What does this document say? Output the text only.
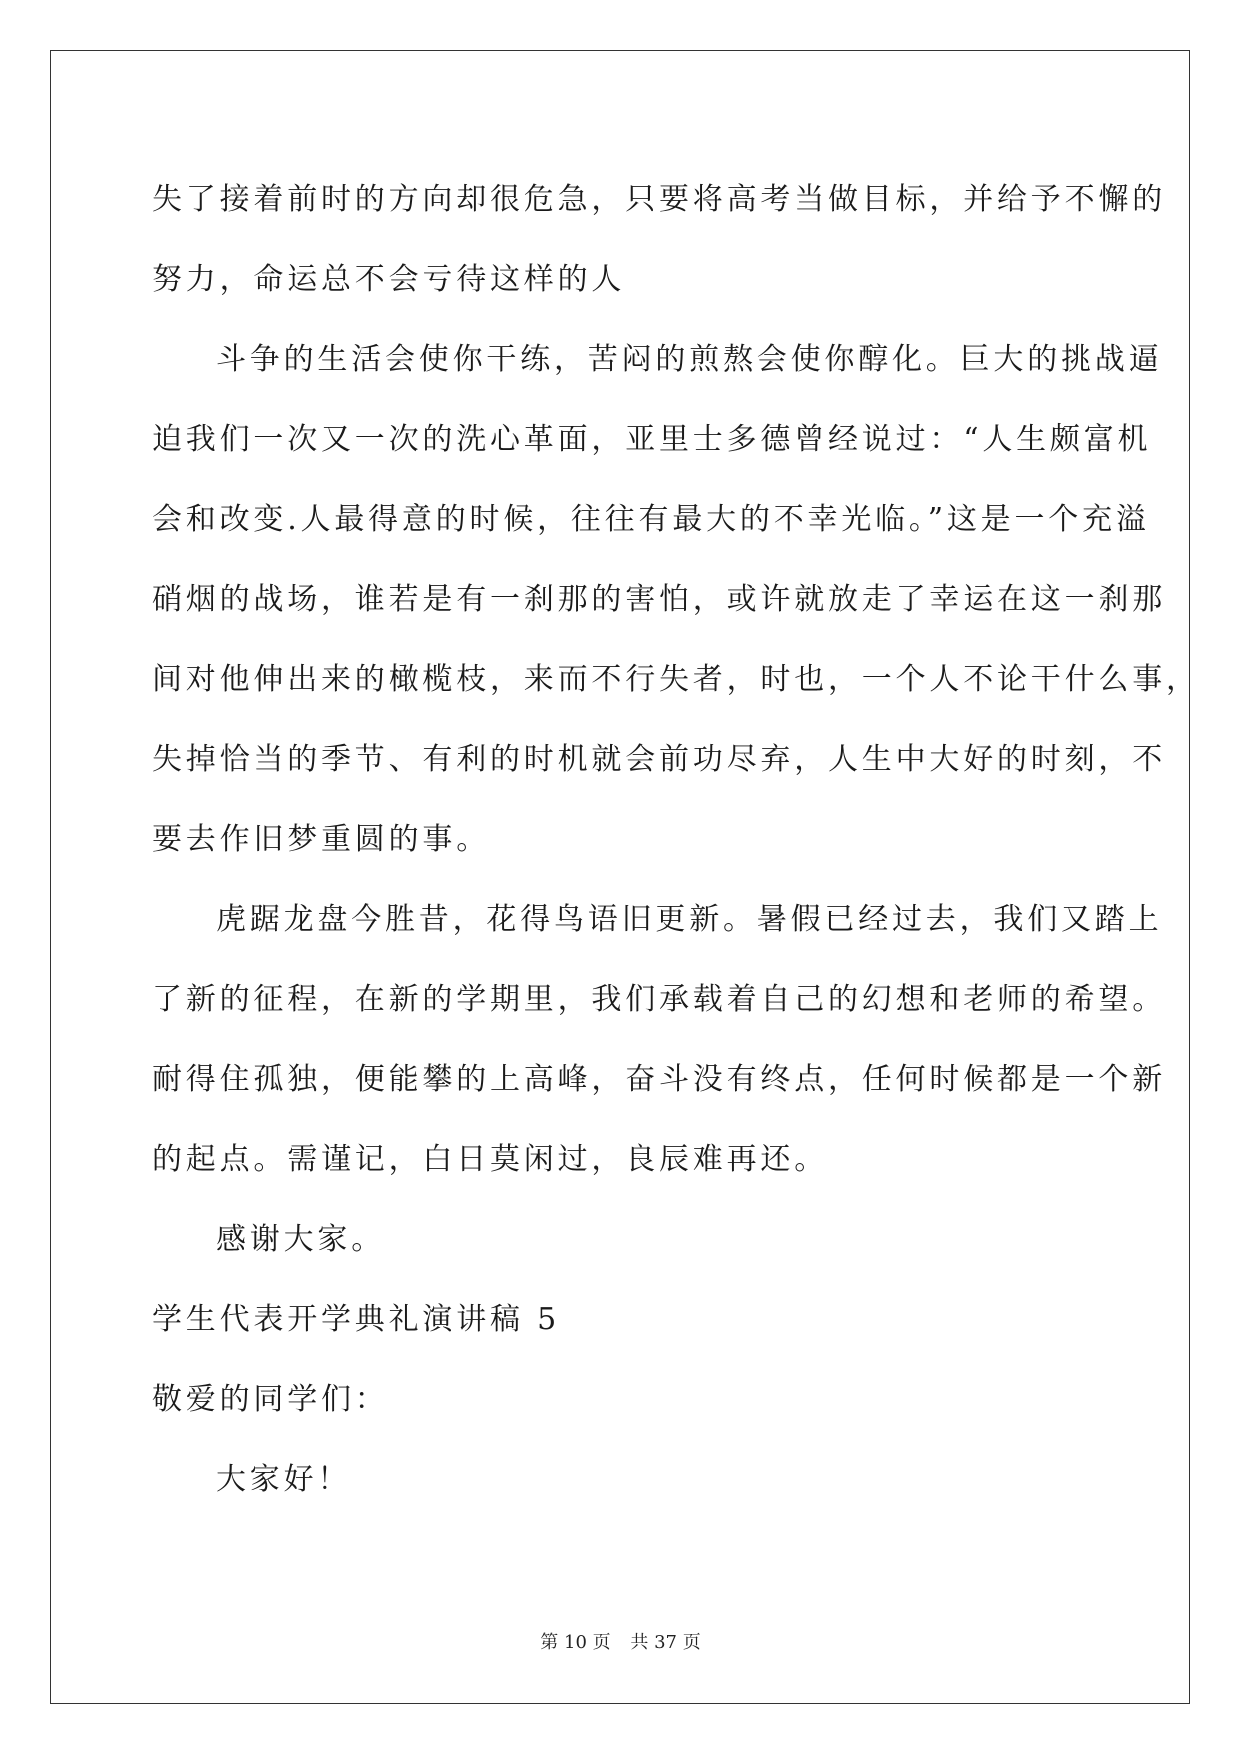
失了接着前时的方向却很危急，只要将高考当做目标，并给予不懈的
努力，命运总不会亏待这样的人
斗争的生活会使你干练，苦闷的煎熬会使你醇化。巨大的挑战逼
迫我们一次又一次的洗心革面，亚里士多德曾经说过：“人生颇富机
会和改变.人最得意的时候，往往有最大的不幸光临。”这是一个充溢
硝烟的战场，谁若是有一刹那的害怕，或许就放走了幸运在这一刹那
间对他伸出来的橄榄枝，来而不行失者，时也，一个人不论干什么事，
失掉恰当的季节、有利的时机就会前功尽弃，人生中大好的时刻，不
要去作旧梦重圆的事。
虎踞龙盘今胜昔，花得鸟语旧更新。暑假已经过去，我们又踏上
了新的征程，在新的学期里，我们承载着自己的幻想和老师的希望。
耐得住孤独，便能攀的上高峰，奋斗没有终点，任何时候都是一个新
的起点。需谨记，白日莫闲过，良辰难再还。
感谢大家。
学生代表开学典礼演讲稿 5
敬爱的同学们：
大家好！
第 10 页 共 37 页
